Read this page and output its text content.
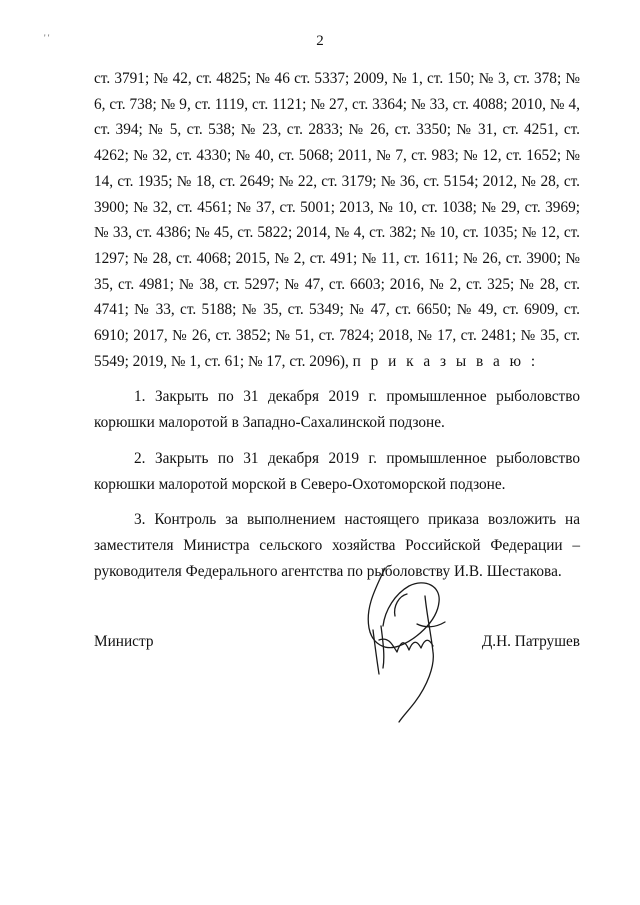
' '	2

ст. 3791; № 42, ст. 4825; № 46 ст. 5337; 2009, № 1, ст. 150; № 3, ст. 378; № 6, ст. 738; № 9, ст. 1119, ст. 1121; № 27, ст. 3364; № 33, ст. 4088; 2010, № 4, ст. 394; № 5, ст. 538; № 23, ст. 2833; № 26, ст. 3350; № 31, ст. 4251, ст. 4262; № 32, ст. 4330; № 40, ст. 5068; 2011, № 7, ст. 983; № 12, ст. 1652; № 14, ст. 1935; № 18, ст. 2649; № 22, ст. 3179; № 36, ст. 5154; 2012, № 28, ст. 3900; № 32, ст. 4561; № 37, ст. 5001; 2013, № 10, ст. 1038; № 29, ст. 3969; № 33, ст. 4386; № 45, ст. 5822; 2014, № 4, ст. 382; № 10, ст. 1035; № 12, ст. 1297; № 28, ст. 4068; 2015, № 2, ст. 491; № 11, ст. 1611; № 26, ст. 3900; № 35, ст. 4981; № 38, ст. 5297; № 47, ст. 6603; 2016, № 2, ст. 325; № 28, ст. 4741; № 33, ст. 5188; № 35, ст. 5349; № 47, ст. 6650; № 49, ст. 6909, ст. 6910; 2017, № 26, ст. 3852; № 51, ст. 7824; 2018, № 17, ст. 2481; № 35, ст. 5549; 2019, № 1, ст. 61; № 17, ст. 2096), п р и к а з ы в а ю :

1. Закрыть по 31 декабря 2019 г. промышленное рыболовство корюшки малоротой в Западно-Сахалинской подзоне.

2. Закрыть по 31 декабря 2019 г. промышленное рыболовство корюшки малоротой морской в Северо-Охотоморской подзоне.

3. Контроль за выполнением настоящего приказа возложить на заместителя Министра сельского хозяйства Российской Федерации – руководителя Федерального агентства по рыболовству И.В. Шестакова.

Министр	Д.Н. Патрушев
